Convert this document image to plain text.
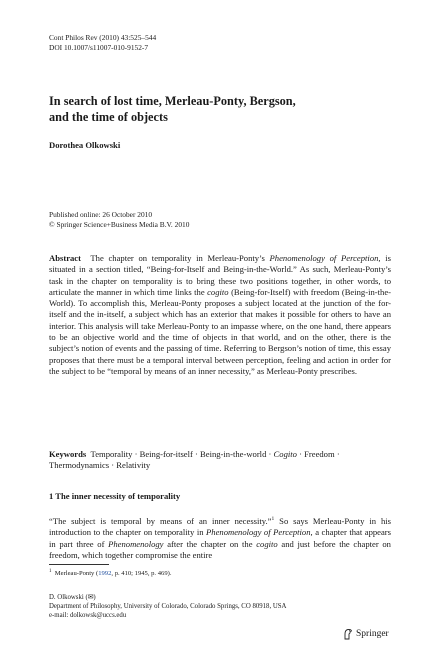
Cont Philos Rev (2010) 43:525–544
DOI 10.1007/s11007-010-9152-7
In search of lost time, Merleau-Ponty, Bergson,
and the time of objects
Dorothea Olkowski
Published online: 26 October 2010
© Springer Science+Business Media B.V. 2010
Abstract The chapter on temporality in Merleau-Ponty’s Phenomenology of Perception, is situated in a section titled, “Being-for-Itself and Being-in-the-World.” As such, Merleau-Ponty’s task in the chapter on temporality is to bring these two positions together, in other words, to articulate the manner in which time links the cogito (Being-for-Itself) with freedom (Being-in-the-World). To accomplish this, Merleau-Ponty proposes a subject located at the junction of the for-itself and the in-itself, a subject which has an exterior that makes it possible for others to have an interior. This analysis will take Merleau-Ponty to an impasse where, on the one hand, there appears to be an objective world and the time of objects in that world, and on the other, there is the subject’s notion of events and the passing of time. Referring to Bergson’s notion of time, this essay proposes that there must be a temporal interval between perception, feeling and action in order for the subject to be “temporal by means of an inner necessity,” as Merleau-Ponty prescribes.
Keywords Temporality · Being-for-itself · Being-in-the-world · Cogito · Freedom · Thermodynamics · Relativity
1 The inner necessity of temporality
“The subject is temporal by means of an inner necessity.”$^1$ So says Merleau-Ponty in his introduction to the chapter on temporality in Phenomenology of Perception, a chapter that appears in part three of Phenomenology after the chapter on the cogito and just before the chapter on freedom, which together compromise the entire
$^1$ Merleau-Ponty (1992, p. 410; 1945, p. 469).
D. Olkowski (✉)
Department of Philosophy, University of Colorado, Colorado Springs, CO 80918, USA
e-mail: dolkowsk@uccs.edu
Springer
